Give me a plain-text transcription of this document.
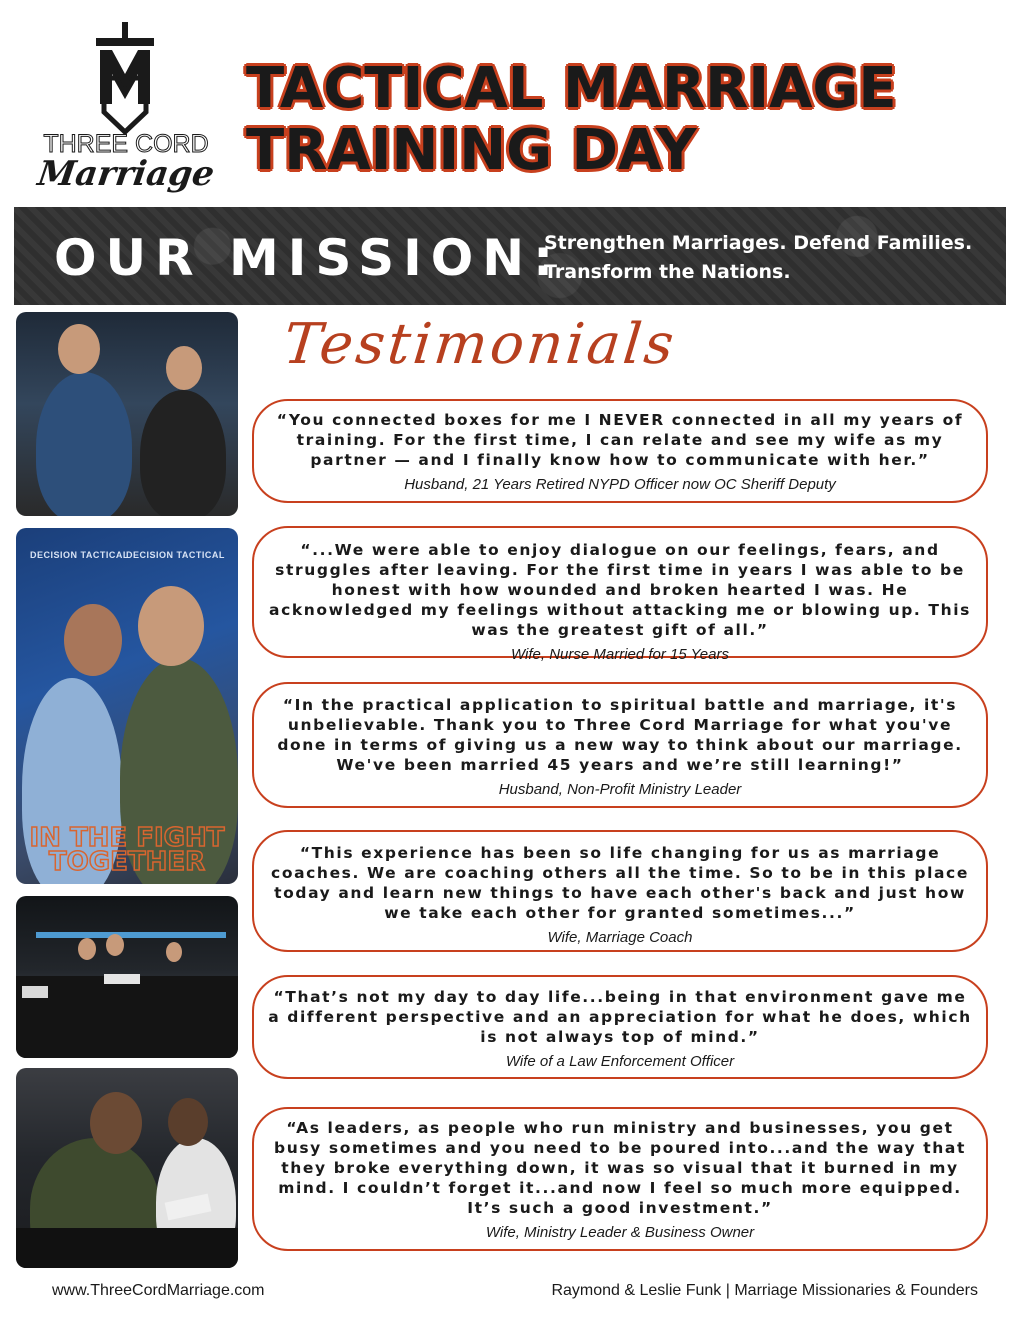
THREE CORD
Marriage
TACTICAL MARRIAGE
TRAINING DAY
OUR MISSION:
Strengthen Marriages. Defend Families.
Transform the Nations.
DECISION TACTICAL
DECISION TACTICAL
IN THE FIGHT
TOGETHER
Testimonials

“You connected boxes for me I NEVER connected in all my years of training. For the first time, I can relate and see my wife as my partner — and I finally know how to communicate with her.”

Husband, 21 Years Retired NYPD Officer now OC Sheriff Deputy

“...We were able to enjoy dialogue on our feelings, fears, and struggles after leaving. For the first time in years I was able to be honest with how wounded and broken hearted I was. He acknowledged my feelings without attacking me or blowing up. This was the greatest gift of all.”

Wife, Nurse Married for 15 Years

“In the practical application to spiritual battle and marriage, it's unbelievable. Thank you to Three Cord Marriage for what you've done in terms of giving us a new way to think about our marriage. We've been married 45 years and we’re still learning!”

Husband, Non-Profit Ministry Leader

“This experience has been so life changing for us as marriage coaches. We are coaching others all the time. So to be in this place today and learn new things to have each other's back and just how we take each other for granted sometimes...”

Wife, Marriage Coach

“That’s not my day to day life...being in that environment gave me a different perspective and an appreciation for what he does, which is not always top of mind.”

Wife of a Law Enforcement Officer

“As leaders, as people who run ministry and businesses, you get busy sometimes and you need to be poured into...and the way that they broke everything down, it was so visual that it burned in my mind. I couldn’t forget it...and now I feel so much more equipped. It’s such a good investment.”

Wife, Ministry Leader & Business Owner

www.ThreeCordMarriage.com	Raymond & Leslie Funk | Marriage Missionaries & Founders
